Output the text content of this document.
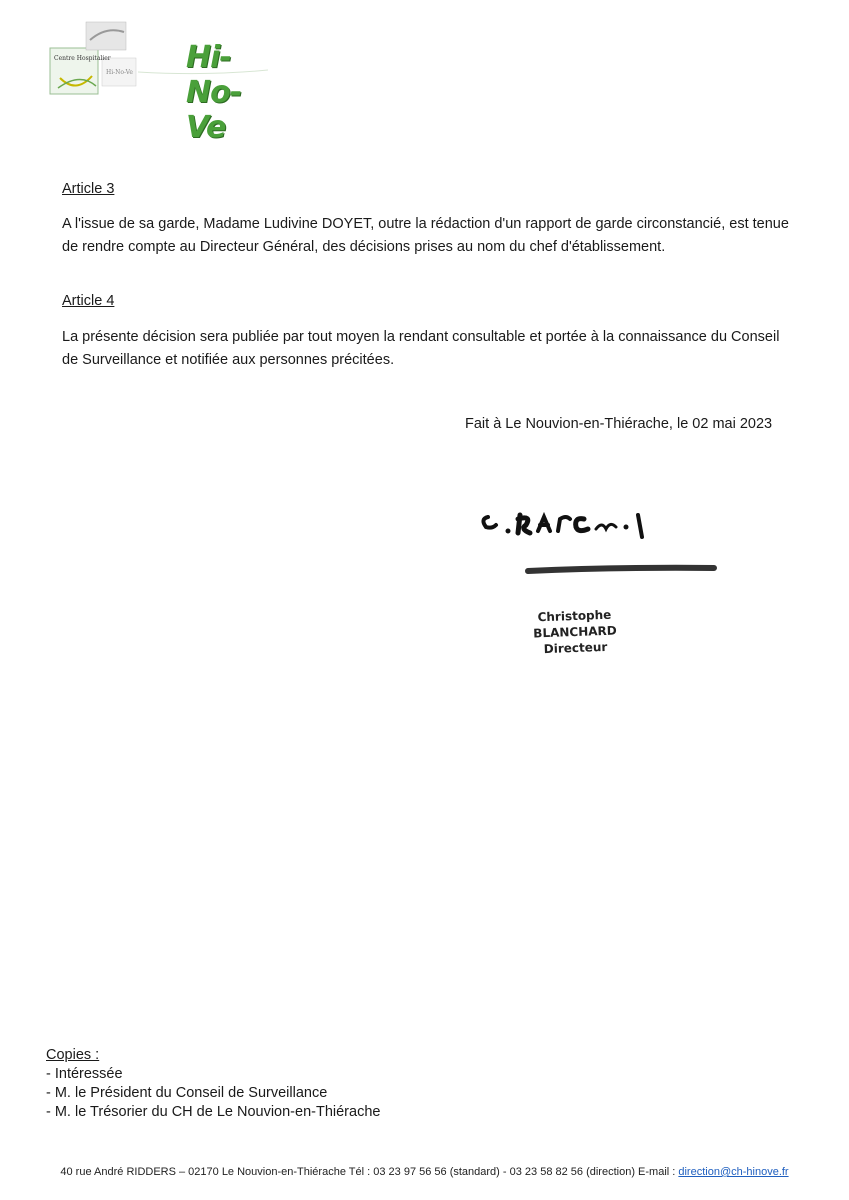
Centre Hospitalier
Hi-No-Ve Hi-No-Ve
Article 3
A l'issue de sa garde, Madame Ludivine DOYET, outre la rédaction d'un rapport de garde circonstancié, est tenue de rendre compte au Directeur Général, des décisions prises au nom du chef d'établissement.
Article 4
La présente décision sera publiée par tout moyen la rendant consultable et portée à la connaissance du Conseil de Surveillance et notifiée aux personnes précitées.
Fait à Le Nouvion-en-Thiérache, le 02 mai 2023
Christophe BLANCHARD
Directeur
Copies :
- Intéressée
- M. le Président du Conseil de Surveillance
- M. le Trésorier du CH de Le Nouvion-en-Thiérache
40 rue André RIDDERS – 02170 Le Nouvion-en-Thiérache Tél : 03 23 97 56 56 (standard) - 03 23 58 82 56 (direction) E-mail : direction@ch-hinove.fr
